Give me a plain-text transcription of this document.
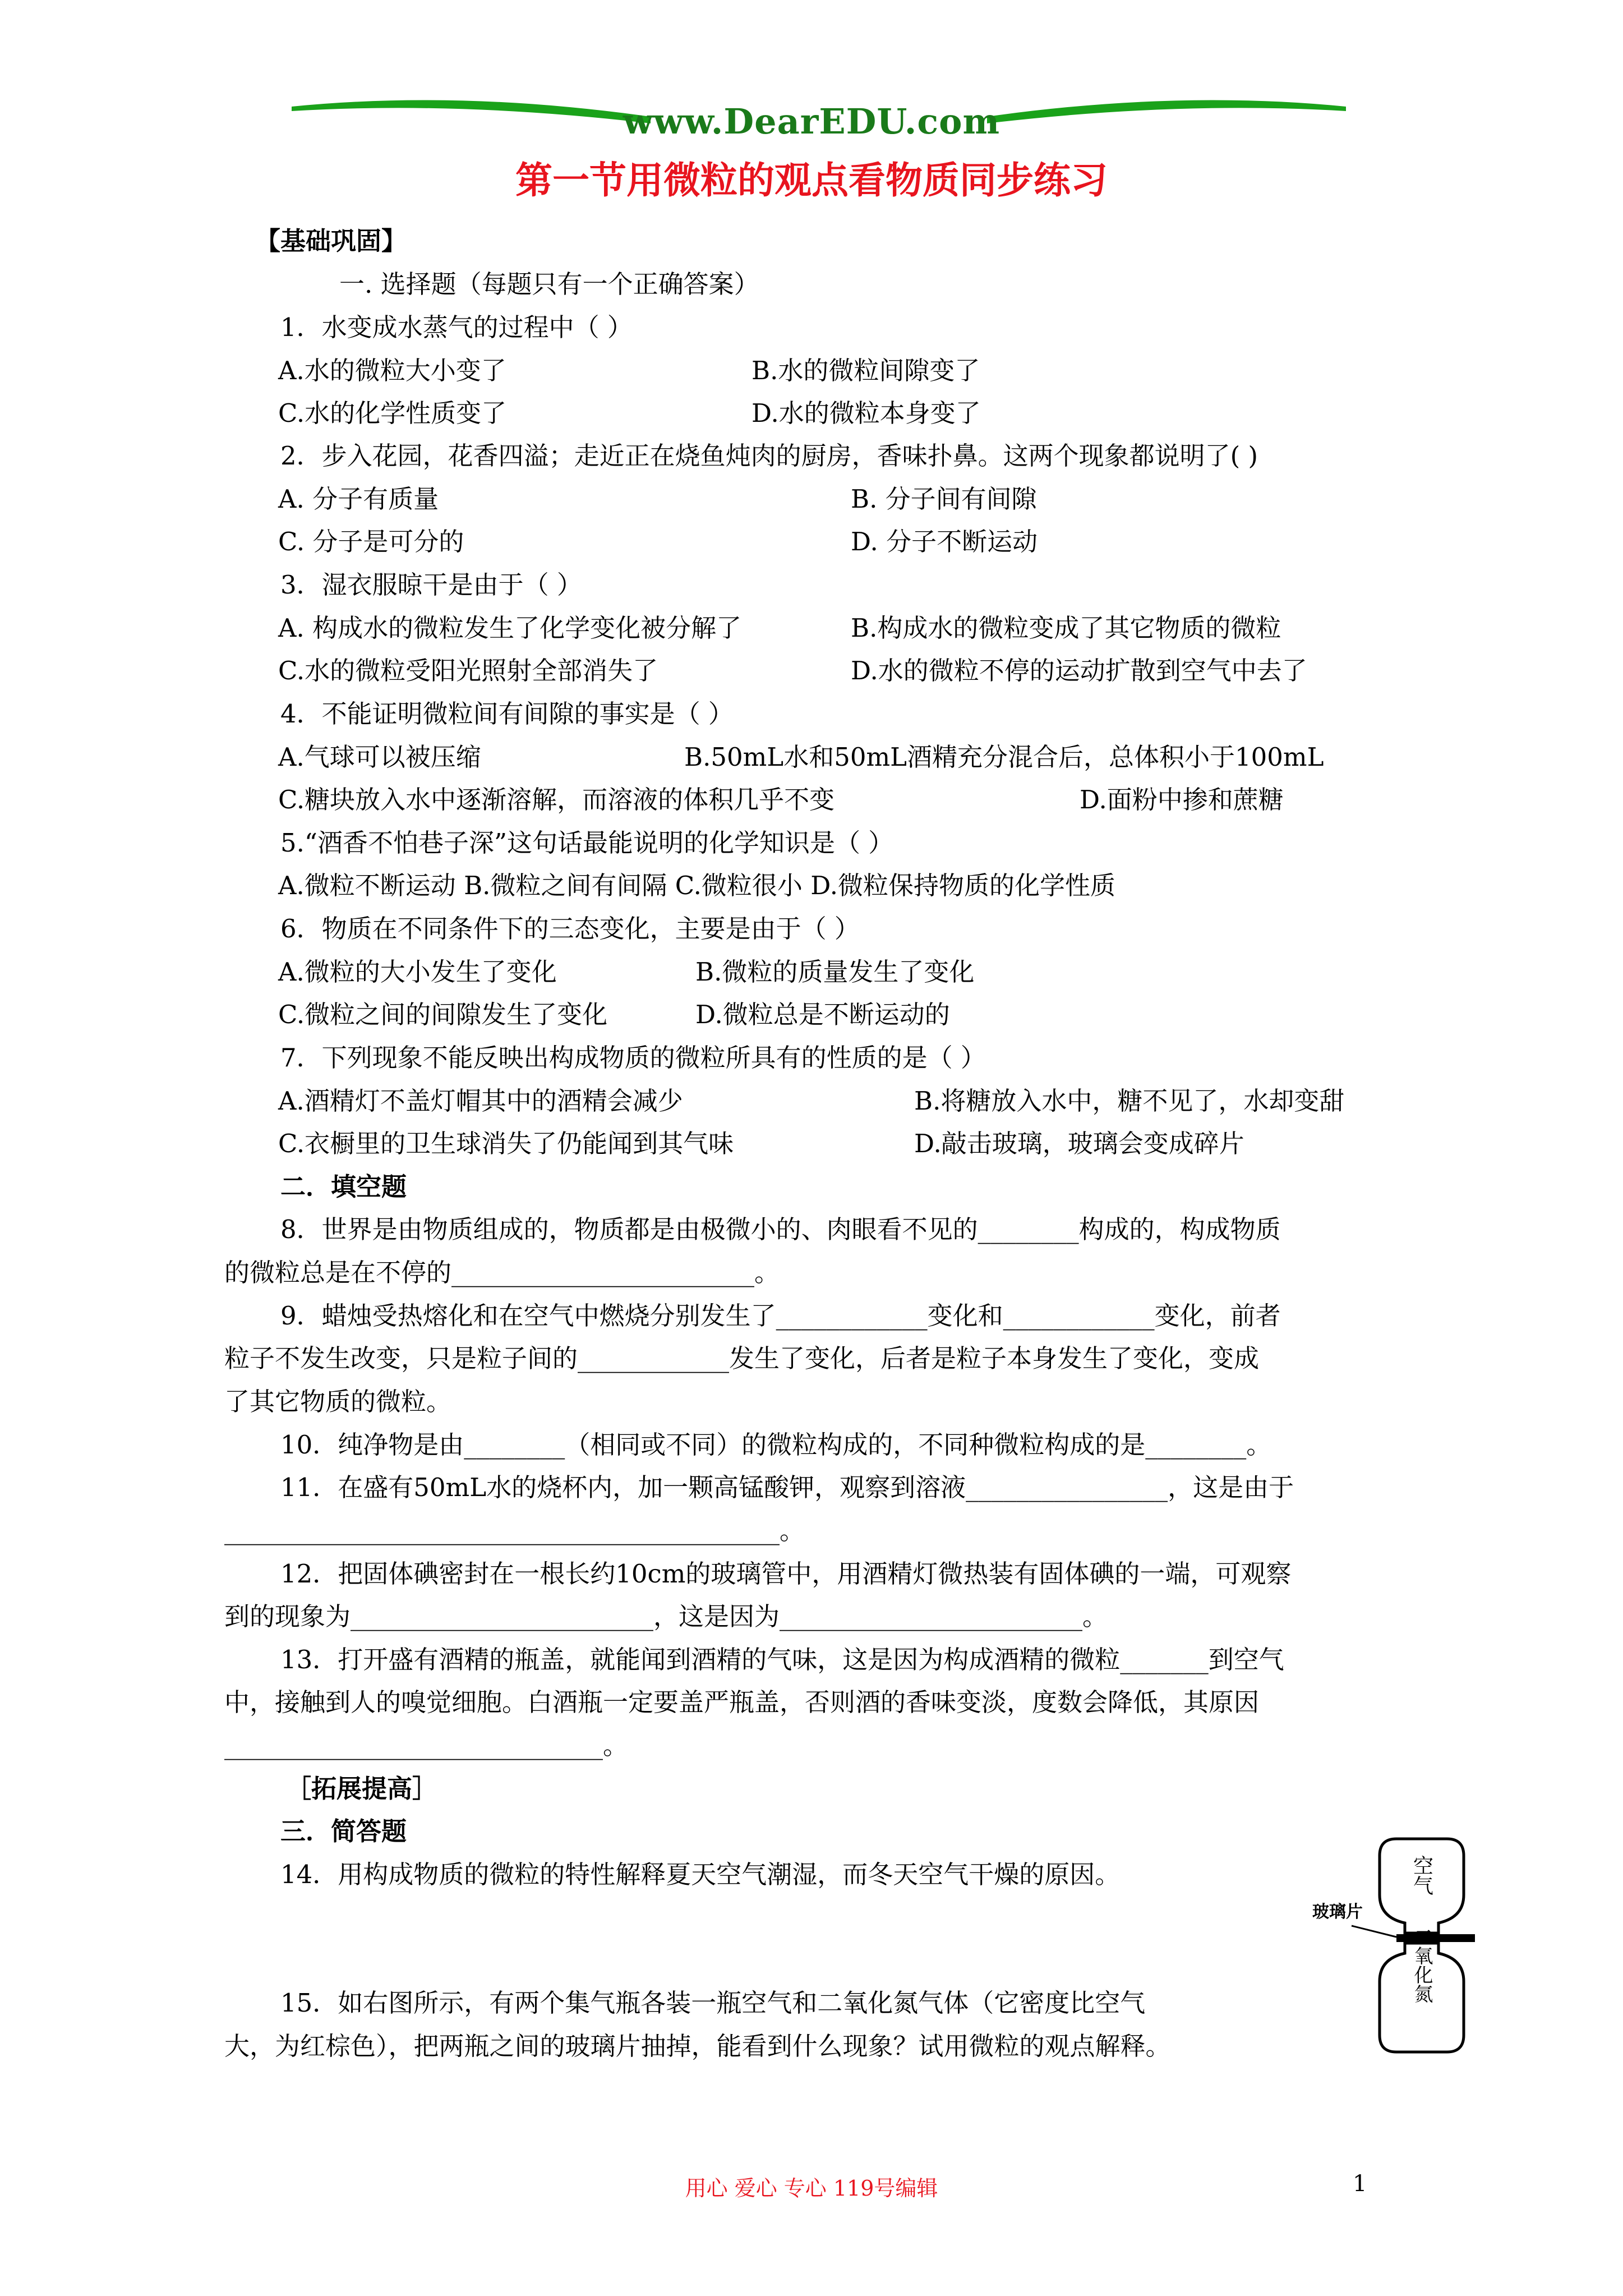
www.DearEDU.com
第一节用微粒的观点看物质同步练习
【基础巩固】
一. 选择题（每题只有一个正确答案）
1．水变成水蒸气的过程中（ ）
A.水的微粒大小变了	B.水的微粒间隙变了
C.水的化学性质变了	D.水的微粒本身变了
2．步入花园，花香四溢；走近正在烧鱼炖肉的厨房，香味扑鼻。这两个现象都说明了( )
A. 分子有质量	B. 分子间有间隙
C. 分子是可分的	D. 分子不断运动
3．湿衣服晾干是由于（ ）
A. 构成水的微粒发生了化学变化被分解了	B.构成水的微粒变成了其它物质的微粒
C.水的微粒受阳光照射全部消失了	D.水的微粒不停的运动扩散到空气中去了
4．不能证明微粒间有间隙的事实是（ ）
A.气球可以被压缩	B.50mL水和50mL酒精充分混合后，总体积小于100mL
C.糖块放入水中逐渐溶解，而溶液的体积几乎不变	D.面粉中掺和蔗糖
5.“酒香不怕巷子深”这句话最能说明的化学知识是（ ）
A.微粒不断运动 B.微粒之间有间隔 C.微粒很小 D.微粒保持物质的化学性质
6．物质在不同条件下的三态变化，主要是由于（ ）
A.微粒的大小发生了变化	B.微粒的质量发生了变化
C.微粒之间的间隙发生了变化	D.微粒总是不断运动的
7．下列现象不能反映出构成物质的微粒所具有的性质的是（ ）
A.酒精灯不盖灯帽其中的酒精会减少	B.将糖放入水中，糖不见了，水却变甜
C.衣橱里的卫生球消失了仍能闻到其气味	D.敲击玻璃，玻璃会变成碎片
二．填空题
8．世界是由物质组成的，物质都是由极微小的、肉眼看不见的________构成的，构成物质
的微粒总是在不停的________________________。
9．蜡烛受热熔化和在空气中燃烧分别发生了____________变化和____________变化，前者
粒子不发生改变，只是粒子间的____________发生了变化，后者是粒子本身发生了变化，变成
了其它物质的微粒。
10．纯净物是由________（相同或不同）的微粒构成的，不同种微粒构成的是________。
11．在盛有50mL水的烧杯内，加一颗高锰酸钾，观察到溶液________________，这是由于
____________________________________________。
12．把固体碘密封在一根长约10cm的玻璃管中，用酒精灯微热装有固体碘的一端，可观察
到的现象为________________________，这是因为________________________。
13．打开盛有酒精的瓶盖，就能闻到酒精的气味，这是因为构成酒精的微粒_______到空气
中，接触到人的嗅觉细胞。白酒瓶一定要盖严瓶盖，否则酒的香味变淡，度数会降低，其原因
______________________________。
［拓展提高］
三．简答题
14．用构成物质的微粒的特性解释夏天空气潮湿，而冬天空气干燥的原因。
15．如右图所示，有两个集气瓶各装一瓶空气和二氧化氮气体（它密度比空气
大，为红棕色），把两瓶之间的玻璃片抽掉，能看到什么现象？试用微粒的观点解释。
空气
玻璃片
二氧化氮
用心 爱心 专心 119号编辑	1
